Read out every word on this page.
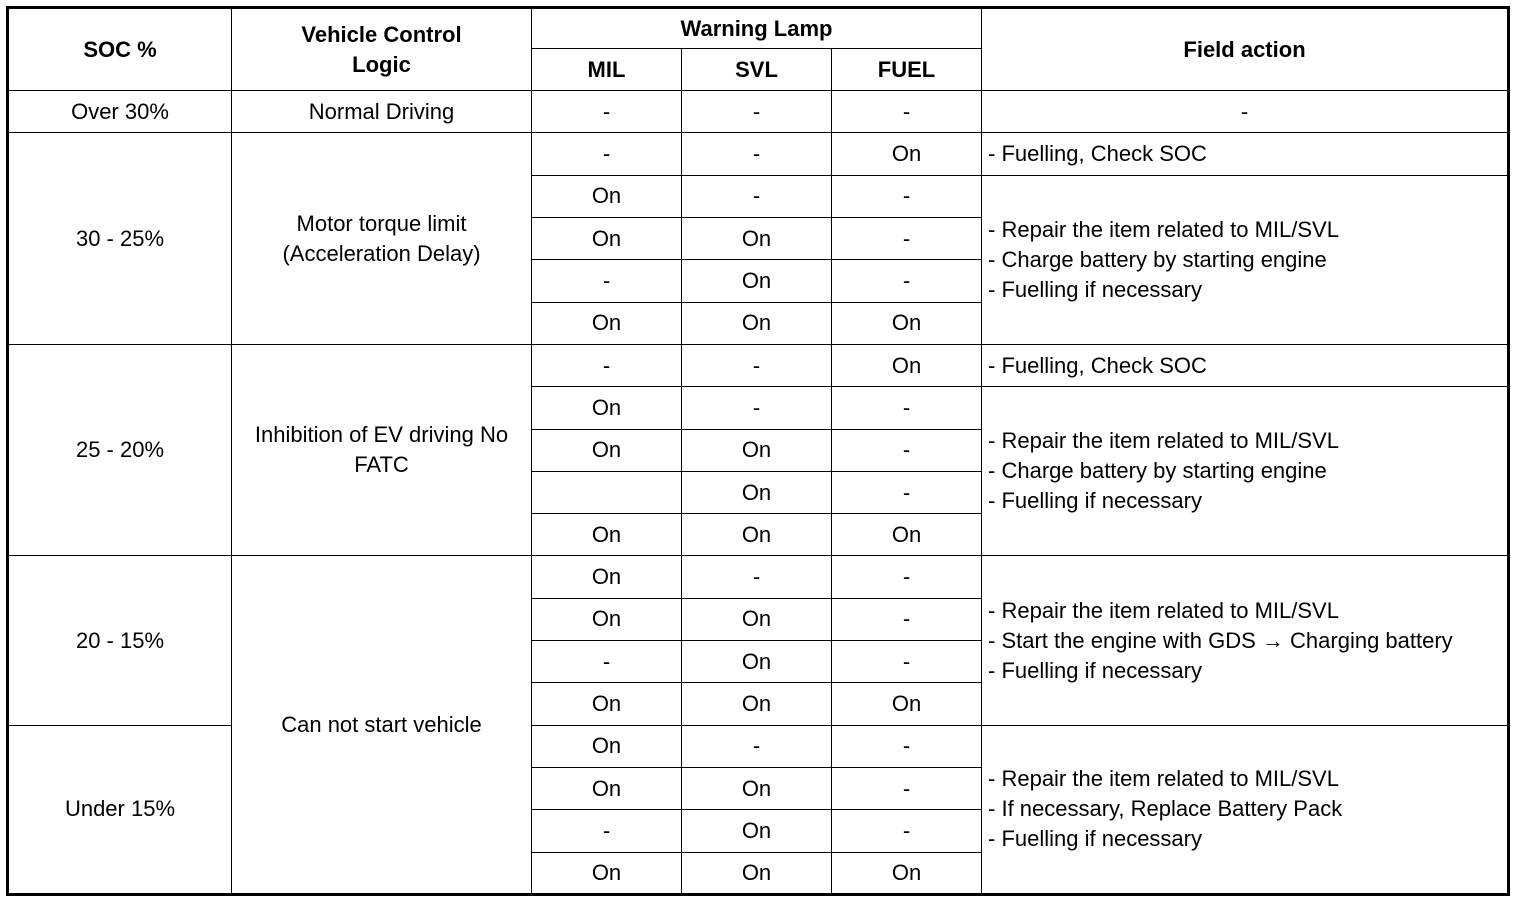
SOC %	Vehicle Control Logic	Warning Lamp			Field action
		MIL	SVL	FUEL	
Over 30%	Normal Driving	-	-	-	-
30 - 25%	Motor torque limit (Acceleration Delay)	-	-	On	- Fuelling, Check SOC
		On	-	-	- Repair the item related to MIL/SVL
- Charge battery by starting engine
- Fuelling if necessary

		On	On	-	
		-	On	-	
		On	On	On	
25 - 20%	Inhibition of EV driving No FATC	-	-	On	- Fuelling, Check SOC
		On	-	-	- Repair the item related to MIL/SVL
- Charge battery by starting engine
- Fuelling if necessary

		On	On	-	
			On	-	
		On	On	On	
20 - 15%	Can not start vehicle	On	-	-	- Repair the item related to MIL/SVL
- Start the engine with GDS → Charging battery
- Fuelling if necessary

		On	On	-	
		-	On	-	
		On	On	On	
Under 15%		On	-	-	- Repair the item related to MIL/SVL
- If necessary, Replace Battery Pack
- Fuelling if necessary

		On	On	-	
		-	On	-	
		On	On	On	
